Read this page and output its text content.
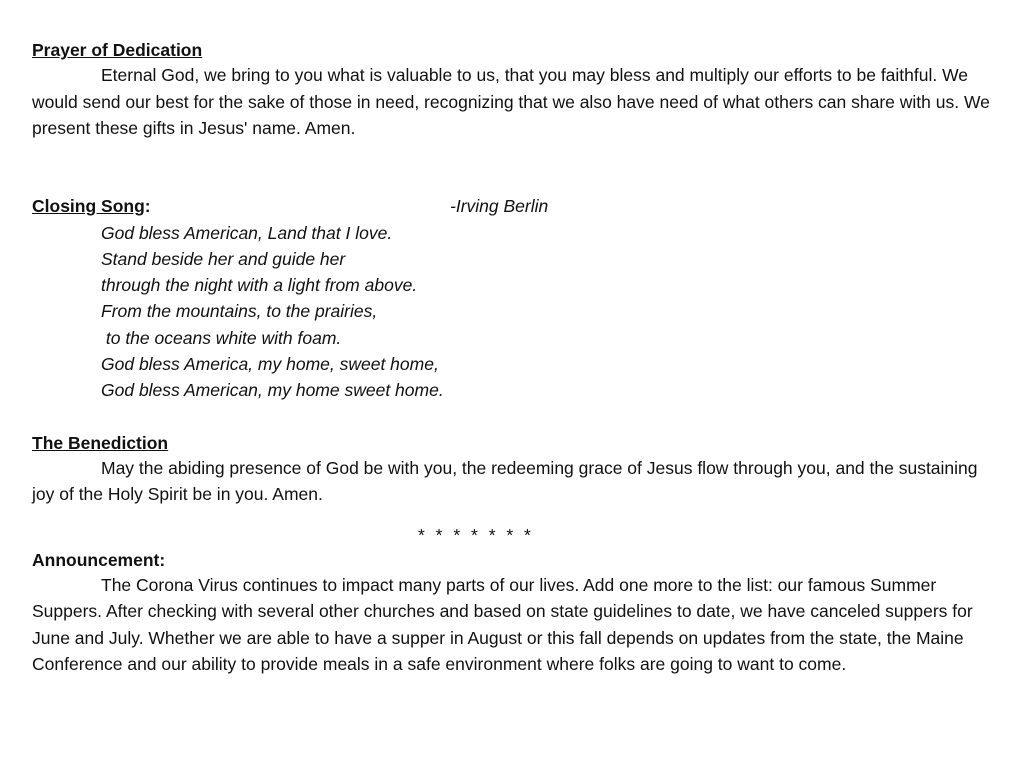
Prayer of Dedication

Eternal God, we bring to you what is valuable to us, that you may bless and multiply our efforts to be faithful. We would send our best for the sake of those in need, recognizing that we also have need of what others can share with us. We present these gifts in Jesus' name. Amen.

Closing Song:	-Irving Berlin
God bless American, Land that I love.
Stand beside her and guide her
through the night with a light from above.
From the mountains, to the prairies,
to the oceans white with foam.
God bless America, my home, sweet home,
God bless American, my home sweet home.

The Benediction

May the abiding presence of God be with you, the redeeming grace of Jesus flow through you, and the sustaining joy of the Holy Spirit be in you. Amen.

* * * * * * *

Announcement:

The Corona Virus continues to impact many parts of our lives. Add one more to the list: our famous Summer Suppers. After checking with several other churches and based on state guidelines to date, we have canceled suppers for June and July. Whether we are able to have a supper in August or this fall depends on updates from the state, the Maine Conference and our ability to provide meals in a safe environment where folks are going to want to come.
